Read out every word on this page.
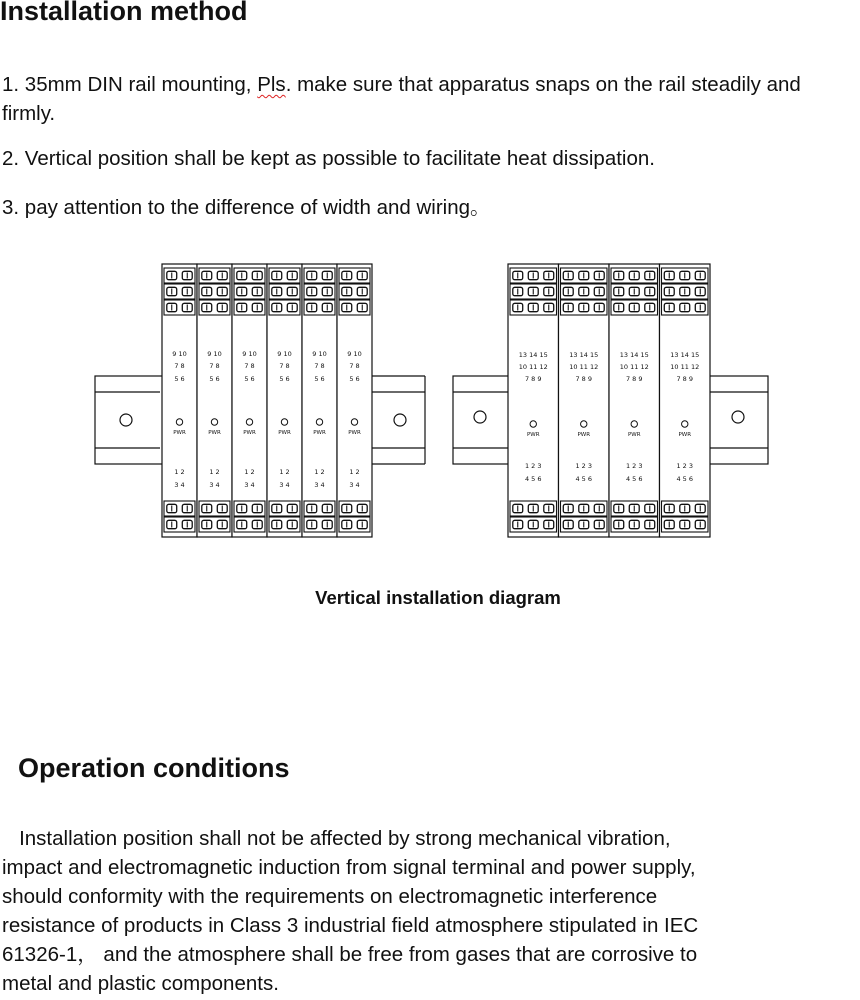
Installation method

1. 35mm DIN rail mounting, Pls. make sure that apparatus snaps on the rail steadily and firmly.

2. Vertical position shall be kept as possible to facilitate heat dissipation.

3. pay attention to the difference of width and wiring。

9 10
7 8
5 6
PWR
1 2
3 4
9 10
7 8
5 6
PWR
1 2
3 4
9 10
7 8
5 6
PWR
1 2
3 4
9 10
7 8
5 6
PWR
1 2
3 4
9 10
7 8
5 6
PWR
1 2
3 4
9 10
7 8
5 6
PWR
1 2
3 4
13 14 15
10 11 12
7 8 9
PWR
1 2 3
4 5 6
13 14 15
10 11 12
7 8 9
PWR
1 2 3
4 5 6
13 14 15
10 11 12
7 8 9
PWR
1 2 3
4 5 6
13 14 15
10 11 12
7 8 9
PWR
1 2 3
4 5 6

Vertical installation diagram

Operation conditions

Installation position shall not be affected by strong mechanical vibration,
impact and electromagnetic induction from signal terminal and power supply,
should conformity with the requirements on electromagnetic interference
resistance of products in Class 3 industrial field atmosphere stipulated in IEC
61326-1， and the atmosphere shall be free from gases that are corrosive to
metal and plastic components.
